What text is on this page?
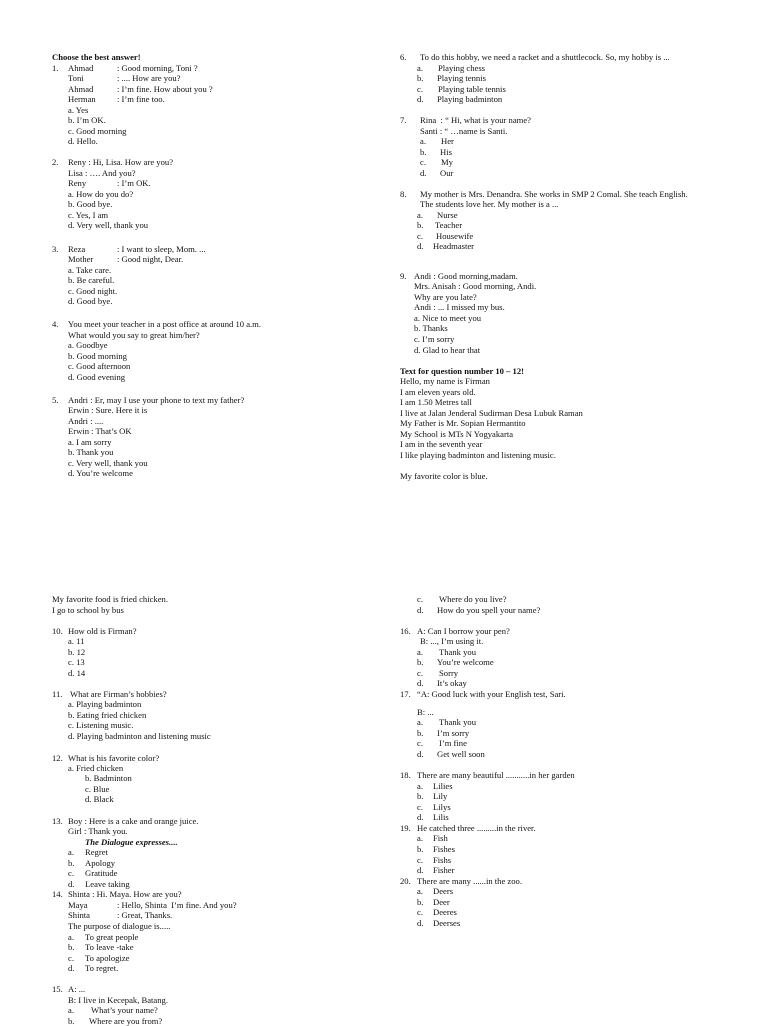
Choose the best answer!
1. Ahmad	: Good morning, Toni ?
Toni	: .... How are you?
Ahmad	: I’m fine. How about you ?
Herman : I’m fine too.
a. Yes
b. I’m OK.
c. Good morning
d. Hello.
2. Reny : Hi, Lisa. How are you?
Lisa : …. And you?
Reny	: I’m OK.
a. How do you do?
b. Good bye.
c. Yes, I am
d. Very well, thank you
3. Reza	: I want to sleep, Mom. ...
Mother	: Good night, Dear.
a. Take care.
b. Be careful.
c. Good night.
d. Good bye.
4. You meet your teacher in a post office at around 10 a.m.
What would you say to great him/her?
a. Goodbye
b. Good morning
c. Good afternoon
d. Good evening
5. Andri : Er, may I use your phone to text my father?
Erwin : Sure. Here it is
Andri : ....
Erwin : That’s OK
a. I am sorry
b. Thank you
c. Very well, thank you
d. You’re welcome
6. To do this hobby, we need a racket and a shuttlecock. So, my hobby is ...
a. Playing chess
b. Playing tennis
c. Playing table tennis
d. Playing badminton
7. Rina  : “ Hi, what is your name?
Santi : “ …name is Santi.
a. Her
b. His
c. My
d. Our
8. My mother is Mrs. Denandra. She works in SMP 2 Comal. She teach English.
The students love her. My mother is a ...
a. Nurse
b. Teacher
c. Housewife
d. Headmaster
9. Andi : Good morning,madam.
Mrs. Anisah : Good morning, Andi.
Why are you late?
Andi : ... I missed my bus.
a. Nice to meet you
b. Thanks
c. I’m sorry
d. Glad to hear that
Text for question number 10 – 12!
Hello, my name is Firman
I am eleven years old.
I am 1.50 Metres tall
I live at Jalan Jenderal Sudirman Desa Lubuk Raman
My Father is Mr. Sopian Hermantito
My School is MTs N Yogyakarta
I am in the seventh year
I like playing badminton and listening music.
My favorite color is blue.
My favorite food is fried chicken.
I go to school by bus
10. How old is Firman?
a. 11
b. 12
c. 13
d. 14
11. What are Firman’s hobbies?
a. Playing badminton
b. Eating fried chicken
c. Listening music.
d. Playing badminton and listening music
12. What is his favorite color?
a. Fried chicken
b. Badminton
c. Blue
d. Black
13. Boy : Here is a cake and orange juice.
Girl : Thank you.
The Dialogue expresses....
a. Regret
b. Apology
c. Gratitude
d. Leave taking
14. Shinta : Hi. Maya. How are you?
Maya	: Hello, Shinta  I’m fine. And you?
Shinta	: Great, Thanks.
The purpose of dialogue is.....
a. To great people
b. To leave -take
c. To apologize
d. To regret.
15. A: ...
B: I live in Kecepak, Batang.
a. What’s your name?
b. Where are you from?
c. Where do you live?
d. How do you spell your name?
16. A: Can I borrow your pen?
B: ..., I’m using it.
a. Thank you
b. You’re welcome
c. Sorry
d. It’s okay
17. “A: Good luck with your English test, Sari.
B: ...
a. Thank you
b. I’m sorry
c. I’m fine
d. Get well soon
18. There are many beautiful ...........in her garden
a. Lilies
b. Lily
c. Lilys
d. Lilis
19. He catched three .........in the river.
a. Fish
b. Fishes
c. Fishs
d. Fisher
20. There are many ......in the zoo.
a. Deers
b. Deer
c. Deeres
d. Deerses
